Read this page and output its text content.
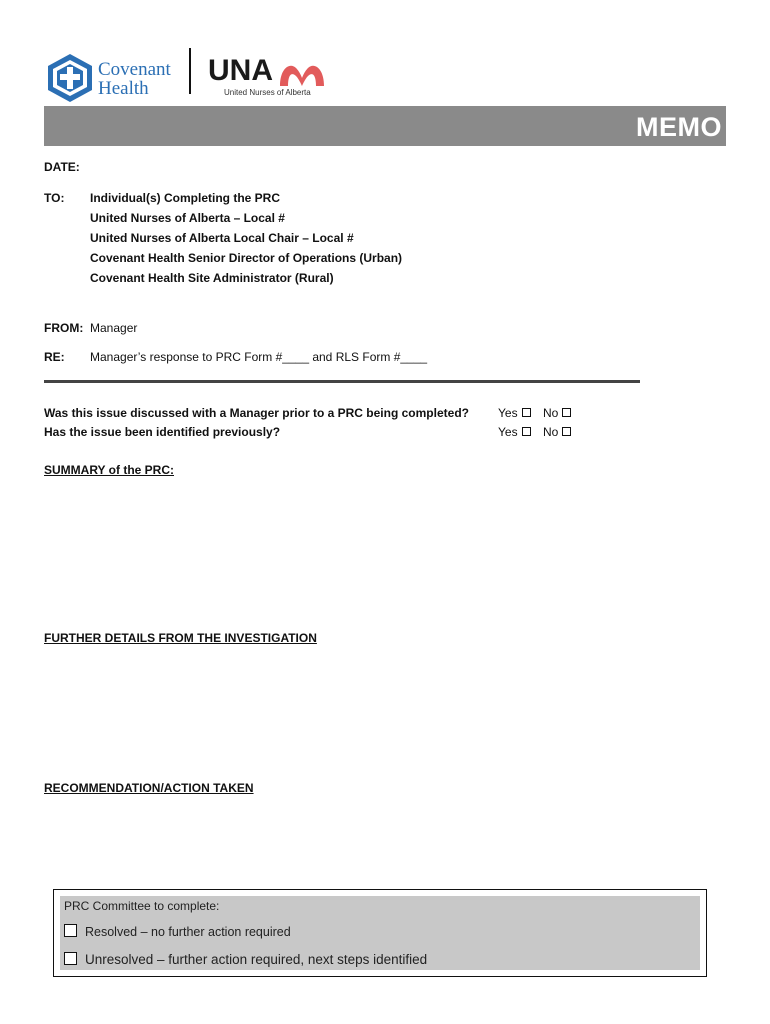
Covenant
Health
UNA
United Nurses of Alberta
MEMO
DATE:
TO: Individual(s) Completing the PRC
United Nurses of Alberta – Local #
United Nurses of Alberta Local Chair – Local #
Covenant Health Senior Director of Operations (Urban)
Covenant Health Site Administrator (Rural)
FROM: Manager
RE: Manager’s response to PRC Form #____ and RLS Form #____
Was this issue discussed with a Manager prior to a PRC being completed? Yes	No
Has the issue been identified previously?	Yes	No
SUMMARY of the PRC:
FURTHER DETAILS FROM THE INVESTIGATION
RECOMMENDATION/ACTION TAKEN
PRC Committee to complete:
Resolved – no further action required
Unresolved – further action required, next steps identified
